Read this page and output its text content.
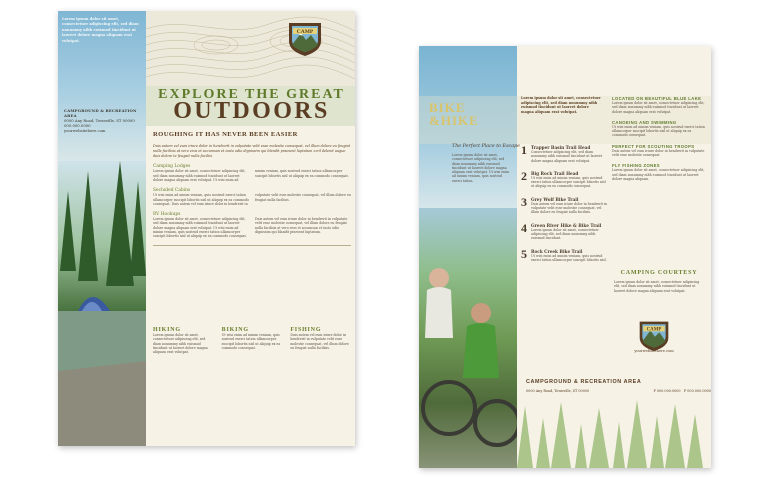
Lorem ipsum dolor sit amet, consectetuer adipiscing elit, sed diam nonummy nibh euismod tincidunt ut laoreet dolore magna aliquam erat volutpat.
CAMP
CAMPGROUND & RECREATION AREA
0000 Any Road, Townville, ST 00000
000.000.0000
yourwebsitehere.com
EXPLORE THE GREAT
OUTDOORS
ROUGHING IT HAS NEVER BEEN EASIER
Duis autem vel eum iriure dolor in hendrerit in vulputate velit esse molestie consequat, vel illum dolore eu feugiat nulla facilisis at vero eros et accumsan et iusto odio dignissim qui blandit praesent luptatum zzril delenit augue duis dolore te feugait nulla facilisi.
Camping Lodges
Lorem ipsum dolor sit amet, consectetuer adipiscing elit, sed diam nonummy nibh euismod tincidunt ut laoreet dolore magna aliquam erat volutpat. Ut wisi enim ad minim veniam, quis nostrud exerci tation ullamcorper suscipit lobortis nisl ut aliquip ex ea commodo consequat.
Secluded Cabins
Ut wisi enim ad minim veniam, quis nostrud exerci tation ullamcorper suscipit lobortis nisl ut aliquip ex ea commodo consequat. Duis autem vel eum iriure dolor in hendrerit in vulputate velit esse molestie consequat, vel illum dolore eu feugiat nulla facilisis.
RV Hookups
Lorem ipsum dolor sit amet, consectetuer adipiscing elit, sed diam nonummy nibh euismod tincidunt ut laoreet dolore magna aliquam erat volutpat. Ut wisi enim ad minim veniam, quis nostrud exerci tation ullamcorper suscipit lobortis nisl ut aliquip ex ea commodo consequat. Duis autem vel eum iriure dolor in hendrerit in vulputate velit esse molestie consequat, vel illum dolore eu feugiat nulla facilisis at vero eros et accumsan et iusto odio dignissim qui blandit praesent luptatum.
HIKING
Lorem ipsum dolor sit amet, consectetuer adipiscing elit, sed diam nonummy nibh euismod tincidunt ut laoreet dolore magna aliquam erat volutpat.
BIKING
Ut wisi enim ad minim veniam, quis nostrud exerci tation ullamcorper suscipit lobortis nisl ut aliquip ex ea commodo consequat.
FISHING
Duis autem vel eum iriure dolor in hendrerit in vulputate velit esse molestie consequat, vel illum dolore eu feugiat nulla facilisis.
BIKE
&HIKE
The Perfect Place to Escape
Lorem ipsum dolor sit amet, consectetuer adipiscing elit, sed diam nonummy nibh euismod tincidunt ut laoreet dolore magna aliquam erat volutpat. Ut wisi enim ad minim veniam, quis nostrud exerci tation.
Lorem ipsum dolor sit amet, consectetuer adipiscing elit, sed diam nonummy nibh euismod tincidunt ut laoreet dolore magna aliquam erat volutpat.
1 Trapper Basin Trail Head
Consectetuer adipiscing elit, sed diam nonummy nibh euismod tincidunt ut laoreet dolore magna aliquam erat volutpat.
2 Big Rock Trail Head
Ut wisi enim ad minim veniam, quis nostrud exerci tation ullamcorper suscipit lobortis nisl ut aliquip ex ea commodo consequat.
3 Grey Wolf Bike Trail
Duis autem vel eum iriure dolor in hendrerit in vulputate velit esse molestie consequat, vel illum dolore eu feugiat nulla facilisis.
4 Green River Hike & Bike Trail
Lorem ipsum dolor sit amet, consectetuer adipiscing elit, sed diam nonummy nibh euismod tincidunt.
5 Rock Creek Bike Trail
Ut wisi enim ad minim veniam, quis nostrud exerci tation ullamcorper suscipit lobortis nisl.
LOCATED ON BEAUTIFUL BLUE LAKE
Lorem ipsum dolor sit amet, consectetuer adipiscing elit, sed diam nonummy nibh euismod tincidunt ut laoreet dolore magna aliquam erat volutpat.
CANOEING AND SWIMMING
Ut wisi enim ad minim veniam, quis nostrud exerci tation ullamcorper suscipit lobortis nisl ut aliquip ex ea commodo consequat.
PERFECT FOR SCOUTING TROOPS
Duis autem vel eum iriure dolor in hendrerit in vulputate velit esse molestie consequat.
FLY FISHING ZONES
Lorem ipsum dolor sit amet, consectetuer adipiscing elit, sed diam nonummy nibh euismod tincidunt ut laoreet dolore magna aliquam.
CAMPING COURTESY
Lorem ipsum dolor sit amet, consectetuer adipiscing elit, sed diam nonummy nibh euismod tincidunt ut laoreet dolore magna aliquam erat volutpat.
CAMP
yourwebsitehere.com
CAMPGROUND & RECREATION AREA
0000 Any Road, Townville, ST 00000	P 000.000.0000 F 000.000.0000
